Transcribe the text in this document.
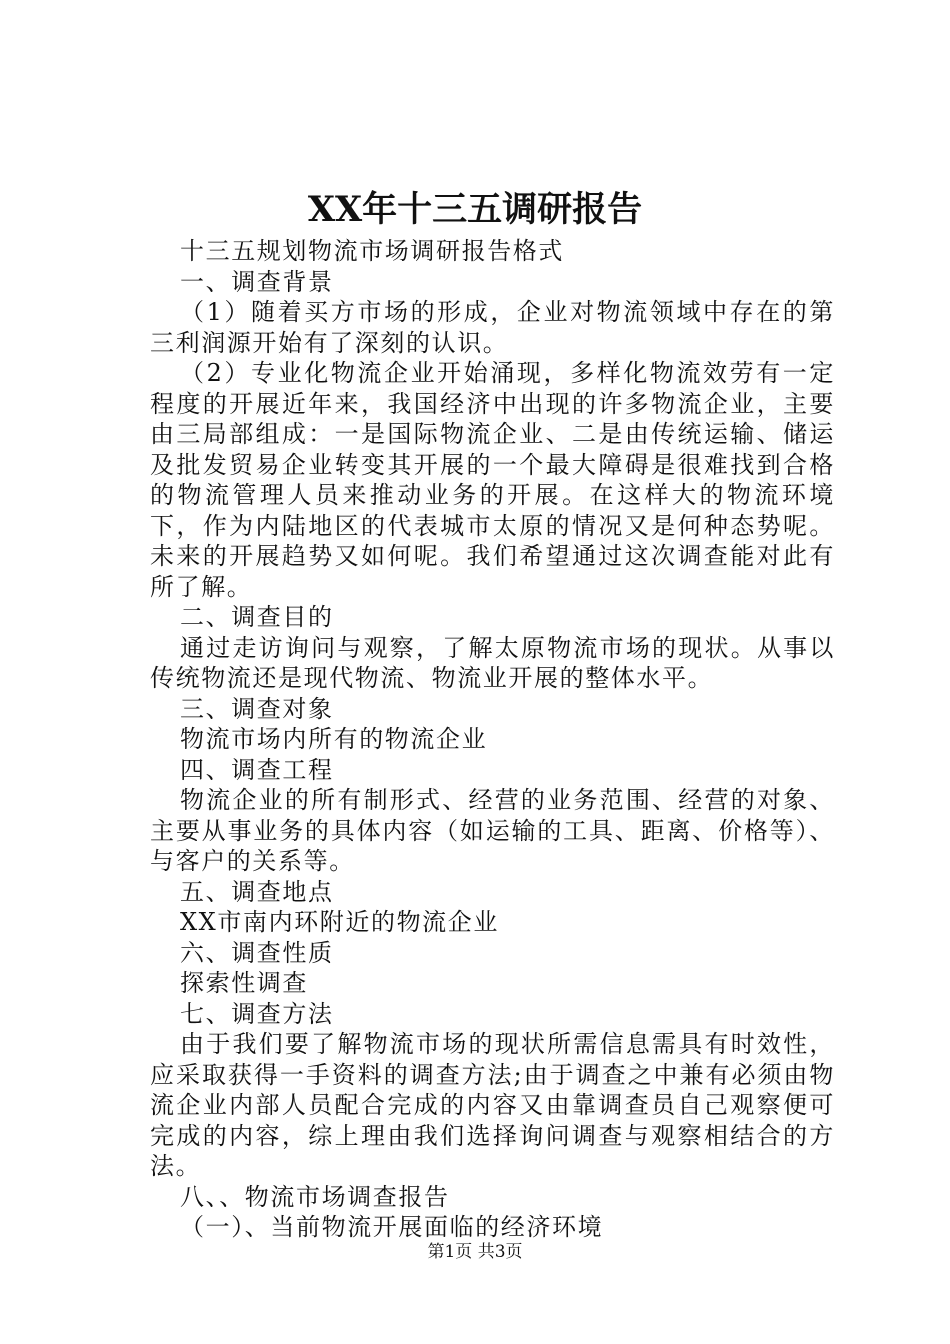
XX年十三五调研报告

十三五规划物流市场调研报告格式

一、调查背景

（1）随着买方市场的形成，企业对物流领域中存在的第三利润源开始有了深刻的认识。

（2）专业化物流企业开始涌现，多样化物流效劳有一定程度的开展近年来，我国经济中出现的许多物流企业，主要由三局部组成：一是国际物流企业、二是由传统运输、储运及批发贸易企业转变其开展的一个最大障碍是很难找到合格的物流管理人员来推动业务的开展。在这样大的物流环境下，作为内陆地区的代表城市太原的情况又是何种态势呢。未来的开展趋势又如何呢。我们希望通过这次调查能对此有所了解。

二、调查目的

通过走访询问与观察，了解太原物流市场的现状。从事以传统物流还是现代物流、物流业开展的整体水平。

三、调查对象

物流市场内所有的物流企业

四、调查工程

物流企业的所有制形式、经营的业务范围、经营的对象、主要从事业务的具体内容（如运输的工具、距离、价格等）、与客户的关系等。

五、调查地点

XX市南内环附近的物流企业

六、调查性质

探索性调查

七、调查方法

由于我们要了解物流市场的现状所需信息需具有时效性，应采取获得一手资料的调查方法;由于调查之中兼有必须由物流企业内部人员配合完成的内容又由靠调查员自己观察便可完成的内容，综上理由我们选择询问调查与观察相结合的方法。

八、、物流市场调查报告

（一）、当前物流开展面临的经济环境

第1页 共3页
